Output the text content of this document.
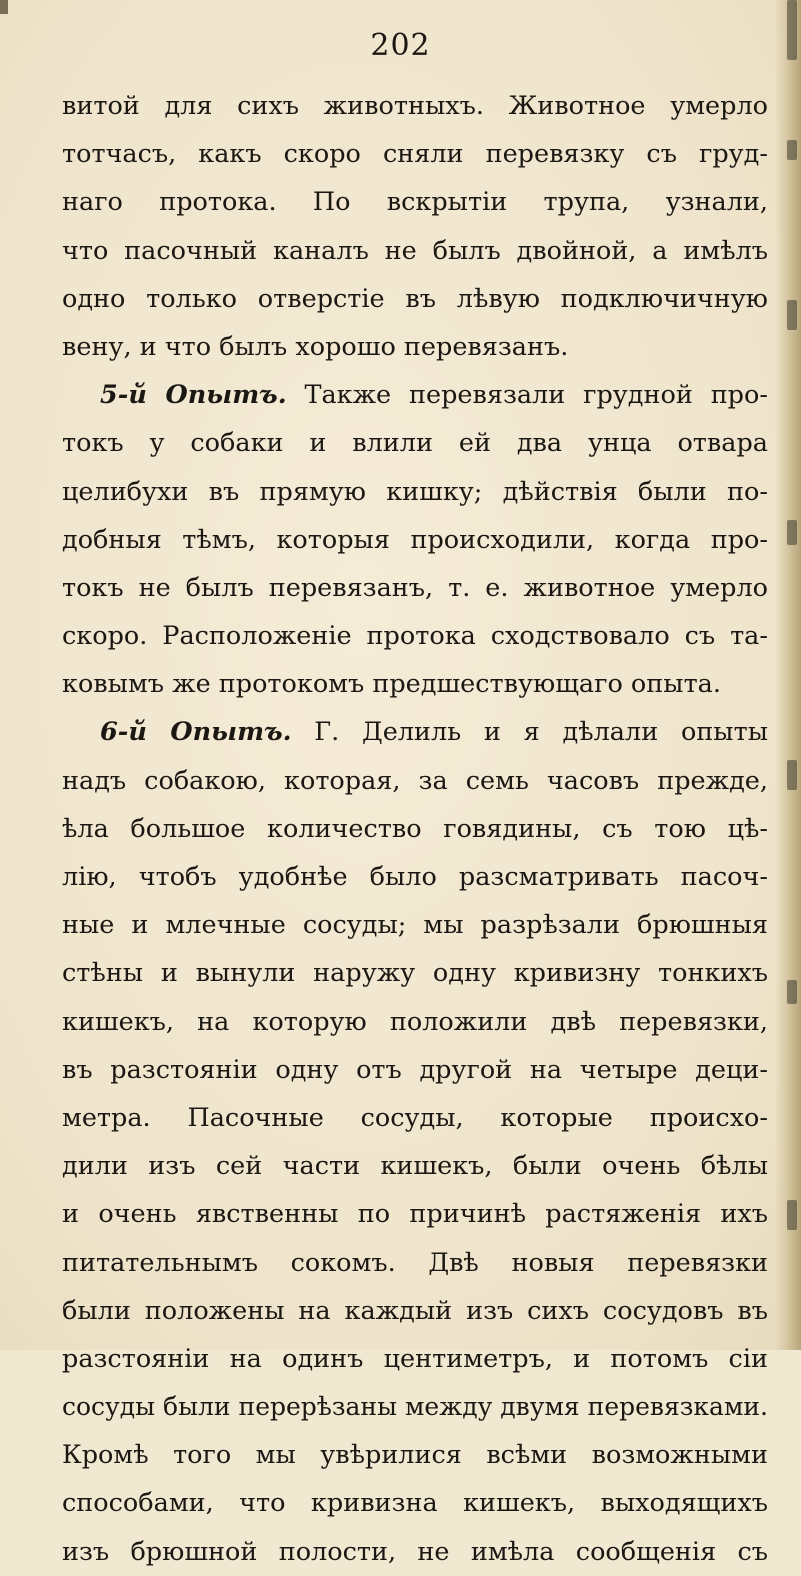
202
витой для сихъ животныхъ. Животное умерло
тотчасъ, какъ скоро сняли перевязку съ груд-
наго протока. По вскрытіи трупа, узнали,
что пасочный каналъ не былъ двойной, а имѣлъ
одно только отверстіе въ лѣвую подключичную
вену, и что былъ хорошо перевязанъ.
5-й Опытъ. Также перевязали грудной про-
токъ у собаки и влили ей два унца отвара
целибухи въ прямую кишку; дѣйствія были по-
добныя тѣмъ, которыя происходили, когда про-
токъ не былъ перевязанъ, т. е. животное умерло
скоро. Расположеніе протока сходствовало съ та-
ковымъ же протокомъ предшествующаго опыта.
6-й Опытъ. Г. Делиль и я дѣлали опыты
надъ собакою, которая, за семь часовъ прежде,
ѣла большое количество говядины, съ тою цѣ-
лію, чтобъ удобнѣе было разсматривать пасоч-
ные и млечные сосуды; мы разрѣзали брюшныя
стѣны и вынули наружу одну кривизну тонкихъ
кишекъ, на которую положили двѣ перевязки,
въ разстояніи одну отъ другой на четыре деци-
метра. Пасочные сосуды, которые происхо-
дили изъ сей части кишекъ, были очень бѣлы
и очень явственны по причинѣ растяженія ихъ
питательнымъ сокомъ. Двѣ новыя перевязки
были положены на каждый изъ сихъ сосудовъ въ
разстояніи на одинъ центиметръ, и потомъ сіи
сосуды были перерѣзаны между двумя перевязками.
Кромѣ того мы увѣрилися всѣми возможными
способами, что кривизна кишекъ, выходящихъ
изъ брюшной полости, не имѣла сообщенія съ
